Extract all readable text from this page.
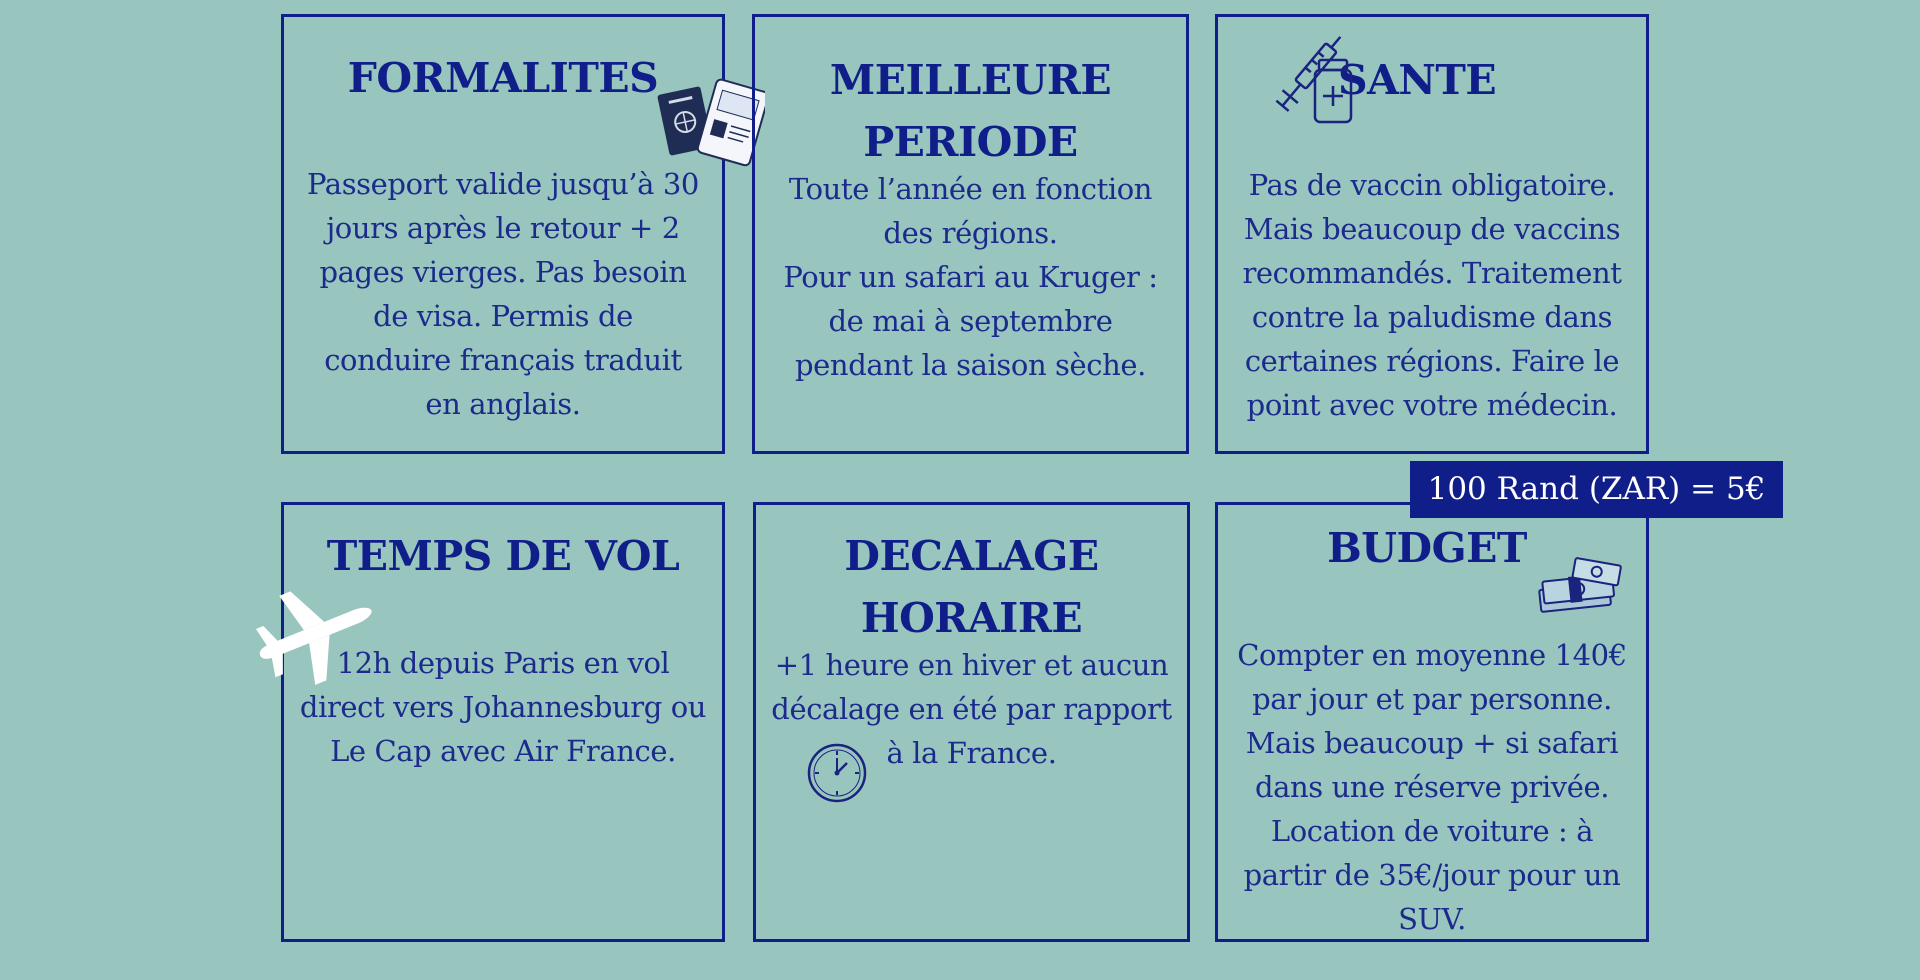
FORMALITES
Passeport valide jusqu’à 30
jours après le retour + 2
pages vierges. Pas besoin
de visa. Permis de
conduire français traduit
en anglais.
MEILLEURE
PERIODE
Toute l’année en fonction
des régions.
Pour un safari au Kruger :
de mai à septembre
pendant la saison sèche.
SANTE
Pas de vaccin obligatoire.
Mais beaucoup de vaccins
recommandés. Traitement
contre la paludisme dans
certaines régions. Faire le
point avec votre médecin.
TEMPS DE VOL
12h depuis Paris en vol
direct vers Johannesburg ou
Le Cap avec Air France.
DECALAGE
HORAIRE
+1 heure en hiver et aucun
décalage en été par rapport
à la France.
BUDGET
Compter en moyenne 140€
par jour et par personne.
Mais beaucoup + si safari
dans une réserve privée.
Location de voiture : à
partir de 35€/jour pour un
SUV.
100 Rand (ZAR) = 5€
